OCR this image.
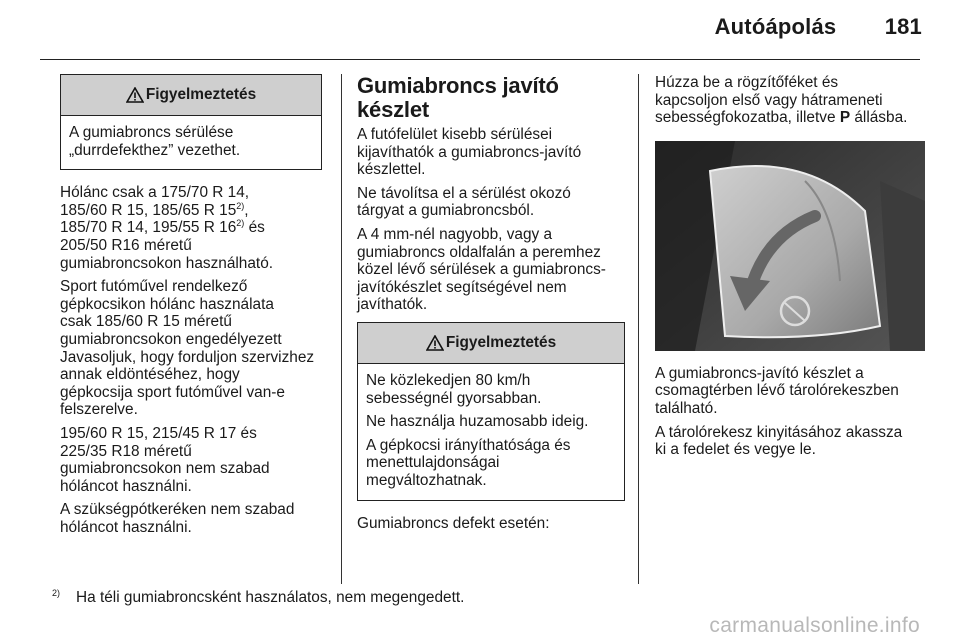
Autóápolás 181
Figyelmeztetés

A gumiabroncs sérülése
„durrdefekthez” vezethet.

Hólánc csak a 175/70 R 14,
185/60 R 15, 185/65 R 15$^{2)}$,
185/70 R 14, 195/55 R 16$^{2)}$ és
205/50 R16 méretű
gumiabroncsokon használható.

Sport futóművel rendelkező
gépkocsikon hólánc használata
csak 185/60 R 15 méretű
gumiabroncsokon engedélyezett
Javasoljuk, hogy forduljon szervizhez
annak eldöntéséhez, hogy
gépkocsija sport futóművel van-e
felszerelve.

195/60 R 15, 215/45 R 17 és
225/35 R18 méretű
gumiabroncsokon nem szabad
hóláncot használni.

A szükségpótkeréken nem szabad
hóláncot használni.

Gumiabroncs javító
készlet

A futófelület kisebb sérülései
kijavíthatók a gumiabroncs-javító
készlettel.

Ne távolítsa el a sérülést okozó
tárgyat a gumiabroncsból.

A 4 mm-nél nagyobb, vagy a
gumiabroncs oldalfalán a peremhez
közel lévő sérülések a gumiabroncs-
javítókészlet segítségével nem
javíthatók.

Figyelmeztetés

Ne közlekedjen 80 km/h
sebességnél gyorsabban.

Ne használja huzamosabb ideig.

A gépkocsi irányíthatósága és
menettulajdonságai
megváltozhatnak.

Gumiabroncs defekt esetén:

Húzza be a rögzítőféket és
kapcsoljon első vagy hátrameneti
sebességfokozatba, illetve P állásba.

A gumiabroncs-javító készlet a
csomagtérben lévő tárolórekeszben
található.

A tárolórekesz kinyitásához akassza
ki a fedelet és vegye le.

$^{2)}$ Ha téli gumiabroncsként használatos, nem megengedett.
carmanualsonline.info
